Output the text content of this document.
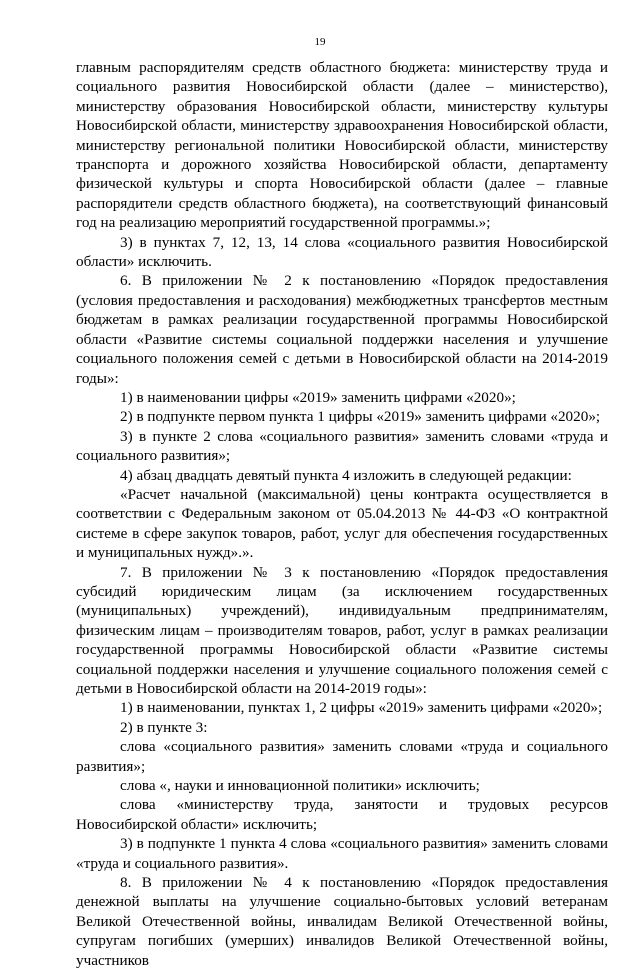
19

главным распорядителям средств областного бюджета: министерству труда и социального развития Новосибирской области (далее – министерство), министерству образования Новосибирской области, министерству культуры Новосибирской области, министерству здравоохранения Новосибирской области, министерству региональной политики Новосибирской области, министерству транспорта и дорожного хозяйства Новосибирской области, департаменту физической культуры и спорта Новосибирской области (далее – главные распорядители средств областного бюджета), на соответствующий финансовый год на реализацию мероприятий государственной программы.»;

3) в пунктах 7, 12, 13, 14 слова «социального развития Новосибирской области» исключить.

6. В приложении № 2 к постановлению «Порядок предоставления (условия предоставления и расходования) межбюджетных трансфертов местным бюджетам в рамках реализации государственной программы Новосибирской области «Развитие системы социальной поддержки населения и улучшение социального положения семей с детьми в Новосибирской области на 2014-2019 годы»:

1) в наименовании цифры «2019» заменить цифрами «2020»;

2) в подпункте первом пункта 1 цифры «2019» заменить цифрами «2020»;

3) в пункте 2 слова «социального развития» заменить словами «труда и социального развития»;

4) абзац двадцать девятый пункта 4 изложить в следующей редакции:

«Расчет начальной (максимальной) цены контракта осуществляется в соответствии с Федеральным законом от 05.04.2013 № 44-ФЗ «О контрактной системе в сфере закупок товаров, работ, услуг для обеспечения государственных и муниципальных нужд».».

7. В приложении № 3 к постановлению «Порядок предоставления субсидий юридическим лицам (за исключением государственных (муниципальных) учреждений), индивидуальным предпринимателям, физическим лицам – производителям товаров, работ, услуг в рамках реализации государственной программы Новосибирской области «Развитие системы социальной поддержки населения и улучшение социального положения семей с детьми в Новосибирской области на 2014-2019 годы»:

1) в наименовании, пунктах 1, 2 цифры «2019» заменить цифрами «2020»;

2) в пункте 3:

слова «социального развития» заменить словами «труда и социального развития»;

слова «, науки и инновационной политики» исключить;

слова «министерству труда, занятости и трудовых ресурсов Новосибирской области» исключить;

3) в подпункте 1 пункта 4 слова «социального развития» заменить словами «труда и социального развития».

8. В приложении № 4 к постановлению «Порядок предоставления денежной выплаты на улучшение социально-бытовых условий ветеранам Великой Отечественной войны, инвалидам Великой Отечественной войны, супругам погибших (умерших) инвалидов Великой Отечественной войны, участников
